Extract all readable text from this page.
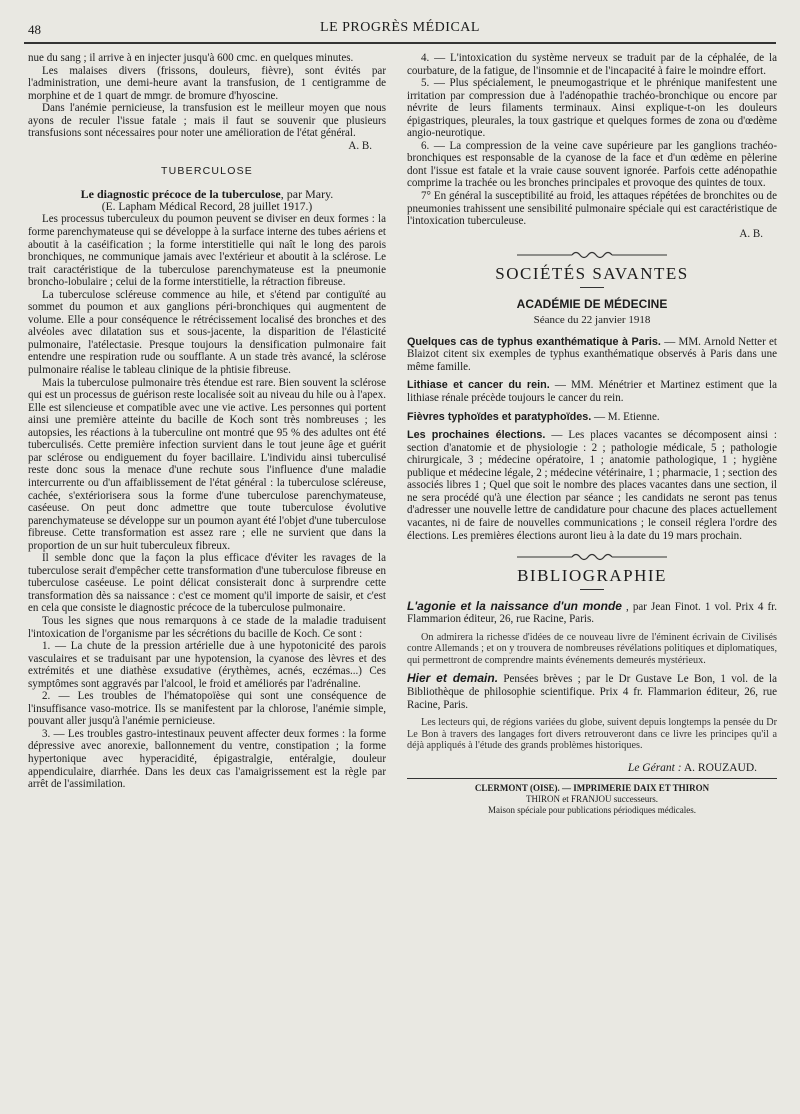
48	LE PROGRÈS MÉDICAL

nue du sang ; il arrive à en injecter jusqu'à 600 cmc. en quelques minutes.

Les malaises divers (frissons, douleurs, fièvre), sont évités par l'administration, une demi-heure avant la transfusion, de 1 centigramme de morphine et de 1 quart de mmgr. de bromure d'hyoscine.

Dans l'anémie pernicieuse, la transfusion est le meilleur moyen que nous ayons de reculer l'issue fatale ; mais il faut se souvenir que plusieurs transfusions sont nécessaires pour noter une amélioration de l'état général.

A. B.

TUBERCULOSE

Le diagnostic précoce de la tuberculose, par Mary.

(E. Lapham Médical Record, 28 juillet 1917.)

Les processus tuberculeux du poumon peuvent se diviser en deux formes : la forme parenchymateuse qui se développe à la surface interne des tubes aériens et aboutit à la caséification ; la forme interstitielle qui naît le long des parois bronchiques, ne communique jamais avec l'extérieur et aboutit à la sclérose. Le trait caractéristique de la tuberculose parenchymateuse est la pneumonie broncho-lobulaire ; celui de la forme interstitielle, la rétraction fibreuse.

La tuberculose scléreuse commence au hile, et s'étend par contiguïté au sommet du poumon et aux ganglions péri-bronchiques qui augmentent de volume. Elle a pour conséquence le rétrécissement localisé des bronches et des alvéoles avec dilatation sus et sous-jacente, la disparition de l'élasticité pulmonaire, l'atélectasie. Presque toujours la densification pulmonaire fait entendre une respiration rude ou soufflante. A un stade très avancé, la sclérose pulmonaire réalise le tableau clinique de la phtisie fibreuse.

Mais la tuberculose pulmonaire très étendue est rare. Bien souvent la sclérose qui est un processus de guérison reste localisée soit au niveau du hile ou à l'apex. Elle est silencieuse et compatible avec une vie active. Les personnes qui portent ainsi une première atteinte du bacille de Koch sont très nombreuses ; les autopsies, les réactions à la tuberculine ont montré que 95 % des adultes ont été tuberculisés. Cette première infection survient dans le tout jeune âge et guérit par sclérose ou endiguement du foyer bacillaire. L'individu ainsi tuberculisé reste donc sous la menace d'une rechute sous l'influence d'une maladie intercurrente ou d'un affaiblissement de l'état général : la tuberculose scléreuse, cachée, s'extériorisera sous la forme d'une tuberculose parenchymateuse, caséeuse. On peut donc admettre que toute tuberculose évolutive parenchymateuse se développe sur un poumon ayant été l'objet d'une tuberculose fibreuse. Cette transformation est assez rare ; elle ne survient que dans la proportion de un sur huit tuberculeux fibreux.

Il semble donc que la façon la plus efficace d'éviter les ravages de la tuberculose serait d'empêcher cette transformation d'une tuberculose fibreuse en tuberculose caséeuse. Le point délicat consisterait donc à surprendre cette transformation dès sa naissance : c'est ce moment qu'il importe de saisir, et c'est en cela que consiste le diagnostic précoce de la tuberculose pulmonaire.

Tous les signes que nous remarquons à ce stade de la maladie traduisent l'intoxication de l'organisme par les sécrétions du bacille de Koch. Ce sont :

1. — La chute de la pression artérielle due à une hypotonicité des parois vasculaires et se traduisant par une hypotension, la cyanose des lèvres et des extrémités et une diathèse exsudative (érythèmes, acnés, eczémas...) Ces symptômes sont aggravés par l'alcool, le froid et améliorés par l'adrénaline.

2. — Les troubles de l'hématopoïèse qui sont une conséquence de l'insuffisance vaso-motrice. Ils se manifestent par la chlorose, l'anémie simple, pouvant aller jusqu'à l'anémie pernicieuse.

3. — Les troubles gastro-intestinaux peuvent affecter deux formes : la forme dépressive avec anorexie, ballonnement du ventre, constipation ; la forme hypertonique avec hyperacidité, épigastralgie, entéralgie, douleur appendiculaire, diarrhée. Dans les deux cas l'amaigrissement est la règle par arrêt de l'assimilation.

4. — L'intoxication du système nerveux se traduit par de la céphalée, de la courbature, de la fatigue, de l'insomnie et de l'incapacité à faire le moindre effort.

5. — Plus spécialement, le pneumogastrique et le phrénique manifestent une irritation par compression due à l'adénopathie trachéo-bronchique ou encore par névrite de leurs filaments terminaux. Ainsi explique-t-on les douleurs épigastriques, pleurales, la toux gastrique et quelques formes de zona ou d'œdème angio-neurotique.

6. — La compression de la veine cave supérieure par les ganglions trachéo-bronchiques est responsable de la cyanose de la face et d'un œdème en pèlerine dont l'issue est fatale et la vraie cause souvent ignorée. Parfois cette adénopathie comprime la trachée ou les bronches principales et provoque des quintes de toux.

7° En général la susceptibilité au froid, les attaques répétées de bronchites ou de pneumonies trahissent une sensibilité pulmonaire spéciale qui est caractéristique de l'intoxication tuberculeuse.

A. B.

SOCIÉTÉS SAVANTES
ACADÉMIE DE MÉDECINE
Séance du 22 janvier 1918

Quelques cas de typhus exanthématique à Paris. — MM. Arnold Netter et Blaizot citent six exemples de typhus exanthématique observés à Paris dans une même famille.

Lithiase et cancer du rein. — MM. Ménétrier et Martinez estiment que la lithiase rénale précède toujours le cancer du rein.

Fièvres typhoïdes et paratyphoïdes. — M. Etienne.

Les prochaines élections. — Les places vacantes se décomposent ainsi : section d'anatomie et de physiologie : 2 ; pathologie médicale, 5 ; pathologie chirurgicale, 3 ; médecine opératoire, 1 ; anatomie pathologique, 1 ; hygiène publique et médecine légale, 2 ; médecine vétérinaire, 1 ; pharmacie, 1 ; section des associés libres 1 ; Quel que soit le nombre des places vacantes dans une section, il ne sera procédé qu'à une élection par séance ; les candidats ne seront pas tenus d'adresser une nouvelle lettre de candidature pour chacune des places actuellement vacantes, ni de faire de nouvelles communications ; le conseil réglera l'ordre des élections. Les premières élections auront lieu à la date du 19 mars prochain.

BIBLIOGRAPHIE

L'agonie et la naissance d'un monde , par Jean Finot. 1 vol. Prix 4 fr. Flammarion éditeur, 26, rue Racine, Paris.

On admirera la richesse d'idées de ce nouveau livre de l'éminent écrivain de Civilisés contre Allemands ; et on y trouvera de nombreuses révélations politiques et diplomatiques, qui permettront de comprendre maints événements demeurés mystérieux.

Hier et demain. Pensées brèves ; par le Dr Gustave Le Bon, 1 vol. de la Bibliothèque de philosophie scientifique. Prix 4 fr. Flammarion éditeur, 26, rue Racine, Paris.

Les lecteurs qui, de régions variées du globe, suivent depuis longtemps la pensée du Dr Le Bon à travers des langages fort divers retrouveront dans ce livre les principes qu'il a déjà appliqués à l'étude des grands problèmes historiques.

Le Gérant : A. ROUZAUD.

CLERMONT (OISE). — IMPRIMERIE DAIX ET THIRON

THIRON et FRANJOU successeurs.

Maison spéciale pour publications périodiques médicales.
